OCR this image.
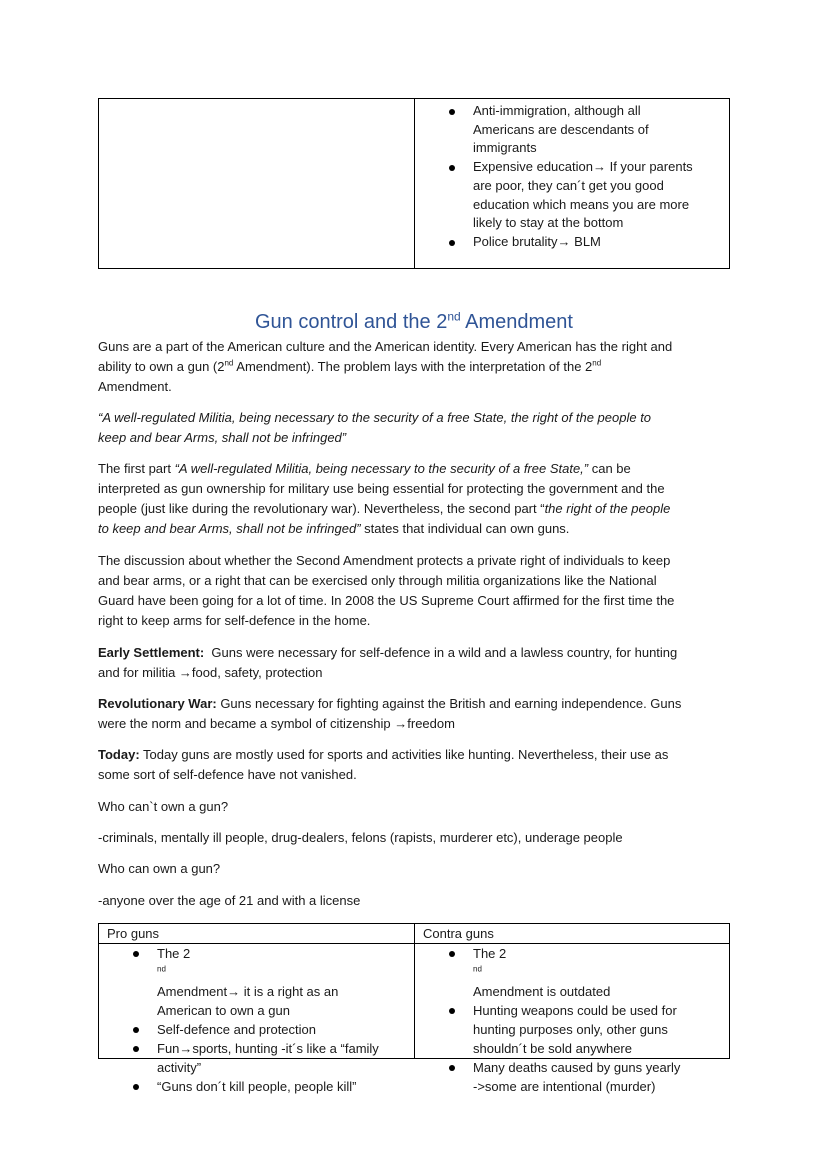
Anti-immigration, although all
Americans are descendants of
immigrants
Expensive education→ If your parents
are poor, they can´t get you good
education which means you are more
likely to stay at the bottom
Police brutality→ BLM
Gun control and the 2nd Amendment
Guns are a part of the American culture and the American identity. Every American has the right and
ability to own a gun (2nd Amendment). The problem lays with the interpretation of the 2nd
Amendment.
“A well-regulated Militia, being necessary to the security of a free State, the right of the people to
keep and bear Arms, shall not be infringed”
The first part “A well-regulated Militia, being necessary to the security of a free State,” can be
interpreted as gun ownership for military use being essential for protecting the government and the
people (just like during the revolutionary war). Nevertheless, the second part “the right of the people
to keep and bear Arms, shall not be infringed” states that individual can own guns.
The discussion about whether the Second Amendment protects a private right of individuals to keep
and bear arms, or a right that can be exercised only through militia organizations like the National
Guard have been going for a lot of time. In 2008 the US Supreme Court affirmed for the first time the
right to keep arms for self-defence in the home.
Early Settlement:  Guns were necessary for self-defence in a wild and a lawless country, for hunting
and for militia →food, safety, protection
Revolutionary War: Guns necessary for fighting against the British and earning independence. Guns
were the norm and became a symbol of citizenship →freedom
Today: Today guns are mostly used for sports and activities like hunting. Nevertheless, their use as
some sort of self-defence have not vanished.
Who can`t own a gun?
-criminals, mentally ill people, drug-dealers, felons (rapists, murderer etc), underage people
Who can own a gun?
-anyone over the age of 21 and with a license
Pro guns	Contra guns
The 2
$^{nd}$
Amendment→ it is a right as an
American to own a gun
Self-defence and protection
Fun→sports, hunting -it´s like a “family
activity”
“Guns don´t kill people, people kill”
The 2
$^{nd}$
Amendment is outdated
Hunting weapons could be used for
hunting purposes only, other guns
shouldn´t be sold anywhere
Many deaths caused by guns yearly
->some are intentional (murder)
